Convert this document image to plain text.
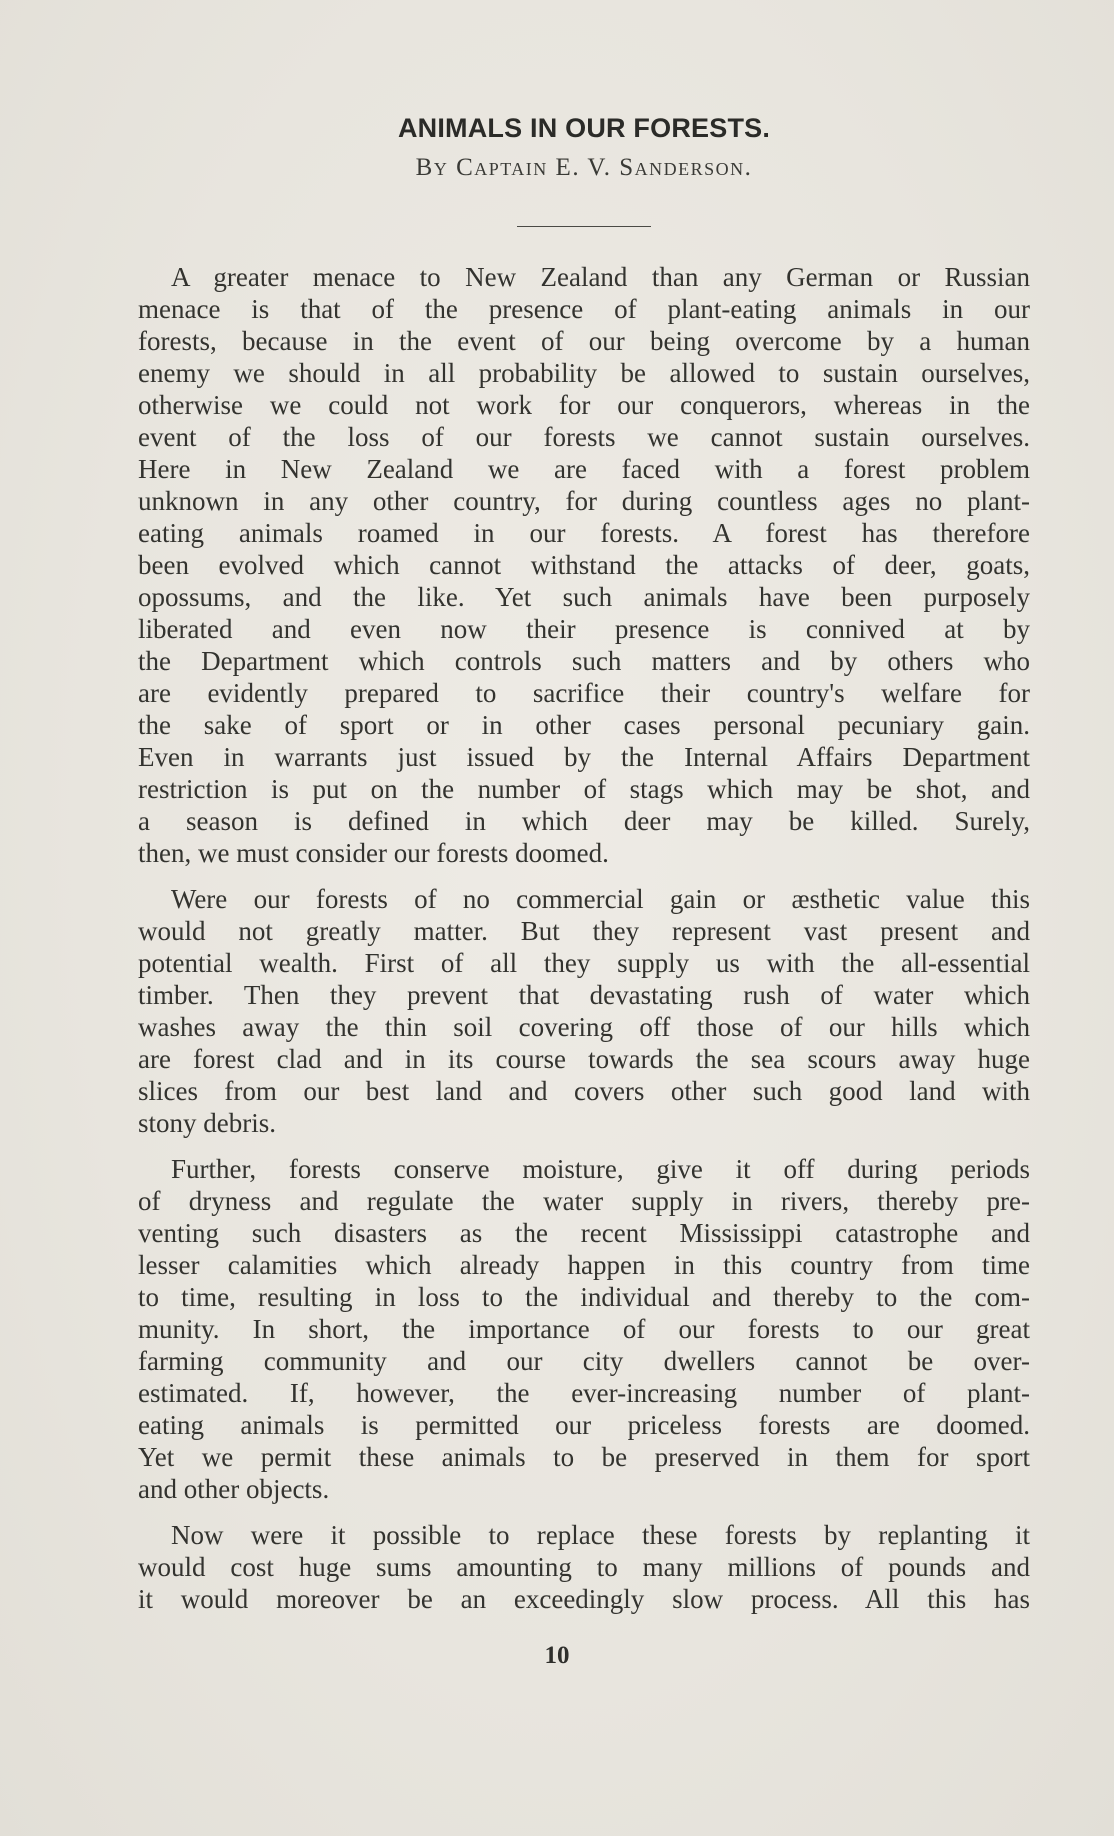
ANIMALS IN OUR FORESTS.

By Captain E. V. Sanderson.

A greater menace to New Zealand than any German or Russian
menace is that of the presence of plant-eating animals in our
forests, because in the event of our being overcome by a human
enemy we should in all probability be allowed to sustain ourselves,
otherwise we could not work for our conquerors, whereas in the
event of the loss of our forests we cannot sustain ourselves.
Here in New Zealand we are faced with a forest problem
unknown in any other country, for during countless ages no plant-
eating animals roamed in our forests. A forest has therefore
been evolved which cannot withstand the attacks of deer, goats,
opossums, and the like. Yet such animals have been purposely
liberated and even now their presence is connived at by
the Department which controls such matters and by others who
are evidently prepared to sacrifice their country's welfare for
the sake of sport or in other cases personal pecuniary gain.
Even in warrants just issued by the Internal Affairs Department
restriction is put on the number of stags which may be shot, and
a season is defined in which deer may be killed. Surely,
then, we must consider our forests doomed.

Were our forests of no commercial gain or æsthetic value this
would not greatly matter. But they represent vast present and
potential wealth. First of all they supply us with the all-essential
timber. Then they prevent that devastating rush of water which
washes away the thin soil covering off those of our hills which
are forest clad and in its course towards the sea scours away huge
slices from our best land and covers other such good land with
stony debris.

Further, forests conserve moisture, give it off during periods
of dryness and regulate the water supply in rivers, thereby pre-
venting such disasters as the recent Mississippi catastrophe and
lesser calamities which already happen in this country from time
to time, resulting in loss to the individual and thereby to the com-
munity. In short, the importance of our forests to our great
farming community and our city dwellers cannot be over-
estimated. If, however, the ever-increasing number of plant-
eating animals is permitted our priceless forests are doomed.
Yet we permit these animals to be preserved in them for sport
and other objects.

Now were it possible to replace these forests by replanting it
would cost huge sums amounting to many millions of pounds and
it would moreover be an exceedingly slow process. All this has

10
